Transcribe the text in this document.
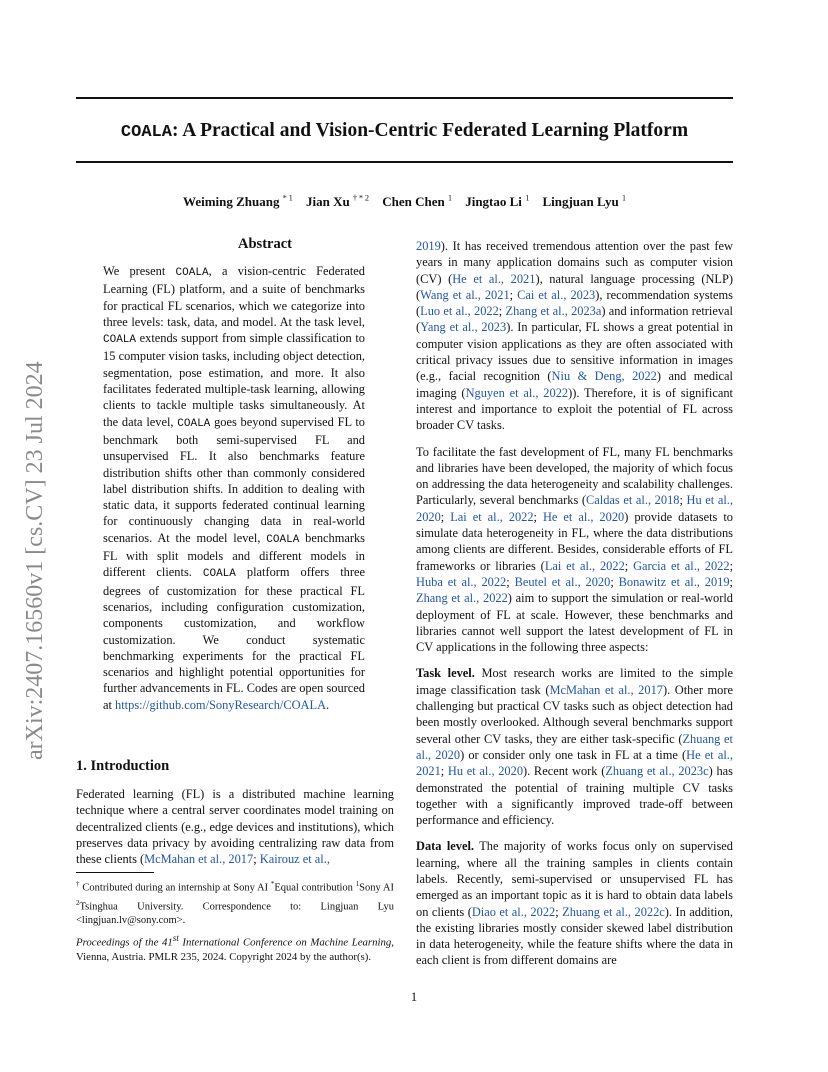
COALA: A Practical and Vision-Centric Federated Learning Platform
Weiming Zhuang $^{* 1}$ Jian Xu $^{\dagger * 2}$ Chen Chen $^1$ Jingtao Li $^1$ Lingjuan Lyu $^1$
arXiv:2407.16560v1 [cs.CV] 23 Jul 2024
Abstract

We present COALA, a vision-centric Federated Learning (FL) platform, and a suite of benchmarks for practical FL scenarios, which we categorize into three levels: task, data, and model. At the task level, COALA extends support from simple classification to 15 computer vision tasks, including object detection, segmentation, pose estimation, and more. It also facilitates federated multiple-task learning, allowing clients to tackle multiple tasks simultaneously. At the data level, COALA goes beyond supervised FL to benchmark both semi-supervised FL and unsupervised FL. It also benchmarks feature distribution shifts other than commonly considered label distribution shifts. In addition to dealing with static data, it supports federated continual learning for continuously changing data in real-world scenarios. At the model level, COALA benchmarks FL with split models and different models in different clients. COALA platform offers three degrees of customization for these practical FL scenarios, including configuration customization, components customization, and workflow customization. We conduct systematic benchmarking experiments for the practical FL scenarios and highlight potential opportunities for further advancements in FL. Codes are open sourced at https://github.com/SonyResearch/COALA.

1. Introduction

Federated learning (FL) is a distributed machine learning technique where a central server coordinates model training on decentralized clients (e.g., edge devices and institutions), which preserves data privacy by avoiding centralizing raw data from these clients (McMahan et al., 2017; Kairouz et al.,

† Contributed during an internship at Sony AI *Equal contribution $^1$Sony AI $^2$Tsinghua University. Correspondence to: Lingjuan Lyu <lingjuan.lv@sony.com>.
Proceedings of the 41st International Conference on Machine Learning, Vienna, Austria. PMLR 235, 2024. Copyright 2024 by the author(s).

2019). It has received tremendous attention over the past few years in many application domains such as computer vision (CV) (He et al., 2021), natural language processing (NLP) (Wang et al., 2021; Cai et al., 2023), recommendation systems (Luo et al., 2022; Zhang et al., 2023a) and information retrieval (Yang et al., 2023). In particular, FL shows a great potential in computer vision applications as they are often associated with critical privacy issues due to sensitive information in images (e.g., facial recognition (Niu & Deng, 2022) and medical imaging (Nguyen et al., 2022)). Therefore, it is of significant interest and importance to exploit the potential of FL across broader CV tasks.

To facilitate the fast development of FL, many FL benchmarks and libraries have been developed, the majority of which focus on addressing the data heterogeneity and scalability challenges. Particularly, several benchmarks (Caldas et al., 2018; Hu et al., 2020; Lai et al., 2022; He et al., 2020) provide datasets to simulate data heterogeneity in FL, where the data distributions among clients are different. Besides, considerable efforts of FL frameworks or libraries (Lai et al., 2022; Garcia et al., 2022; Huba et al., 2022; Beutel et al., 2020; Bonawitz et al., 2019; Zhang et al., 2022) aim to support the simulation or real-world deployment of FL at scale. However, these benchmarks and libraries cannot well support the latest development of FL in CV applications in the following three aspects:

Task level. Most research works are limited to the simple image classification task (McMahan et al., 2017). Other more challenging but practical CV tasks such as object detection had been mostly overlooked. Although several benchmarks support several other CV tasks, they are either task-specific (Zhuang et al., 2020) or consider only one task in FL at a time (He et al., 2021; Hu et al., 2020). Recent work (Zhuang et al., 2023c) has demonstrated the potential of training multiple CV tasks together with a significantly improved trade-off between performance and efficiency.

Data level. The majority of works focus only on supervised learning, where all the training samples in clients contain labels. Recently, semi-supervised or unsupervised FL has emerged as an important topic as it is hard to obtain data labels on clients (Diao et al., 2022; Zhuang et al., 2022c). In addition, the existing libraries mostly consider skewed label distribution in data heterogeneity, while the feature shifts where the data in each client is from different domains are

1
